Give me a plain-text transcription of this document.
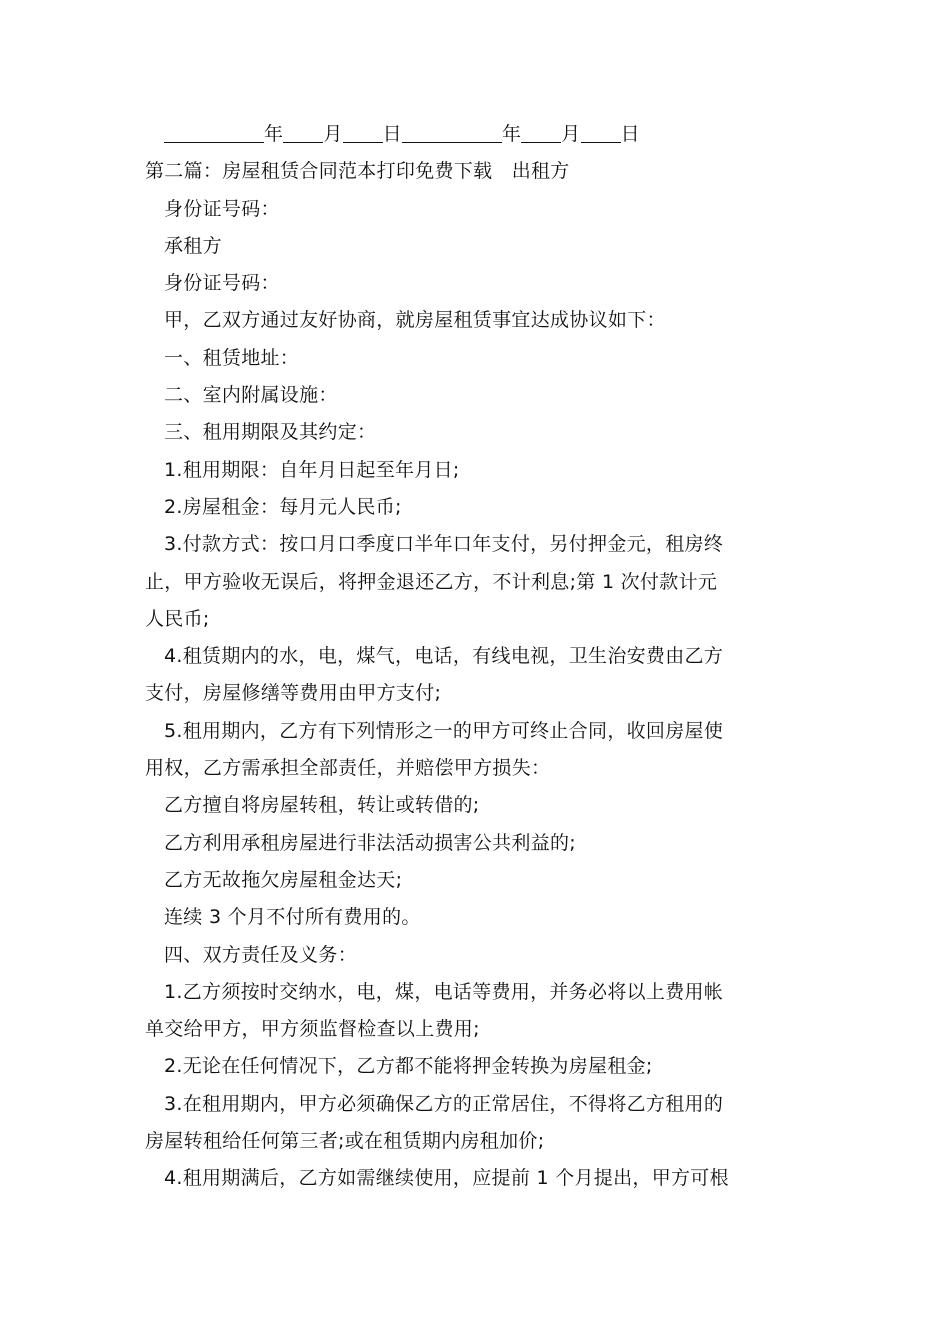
年 月 日	年 月 日
第二篇：房屋租赁合同范本打印免费下载　出租方
身份证号码：
承租方
身份证号码：
甲，乙双方通过友好协商，就房屋租赁事宜达成协议如下：
一、租赁地址：
二、室内附属设施：
三、租用期限及其约定：
1.租用期限：自年月日起至年月日;
2.房屋租金：每月元人民币;
3.付款方式：按口月口季度口半年口年支付，另付押金元，租房终
止，甲方验收无误后，将押金退还乙方，不计利息;第 1 次付款计元
人民币;
4.租赁期内的水，电，煤气，电话，有线电视，卫生治安费由乙方
支付，房屋修缮等费用由甲方支付;
5.租用期内，乙方有下列情形之一的甲方可终止合同，收回房屋使
用权，乙方需承担全部责任，并赔偿甲方损失：
乙方擅自将房屋转租，转让或转借的;
乙方利用承租房屋进行非法活动损害公共利益的;
乙方无故拖欠房屋租金达天;
连续 3 个月不付所有费用的。
四、双方责任及义务：
1.乙方须按时交纳水，电，煤，电话等费用，并务必将以上费用帐
单交给甲方，甲方须监督检查以上费用;
2.无论在任何情况下，乙方都不能将押金转换为房屋租金;
3.在租用期内，甲方必须确保乙方的正常居住，不得将乙方租用的
房屋转租给任何第三者;或在租赁期内房租加价;
4.租用期满后，乙方如需继续使用，应提前 1 个月提出，甲方可根
